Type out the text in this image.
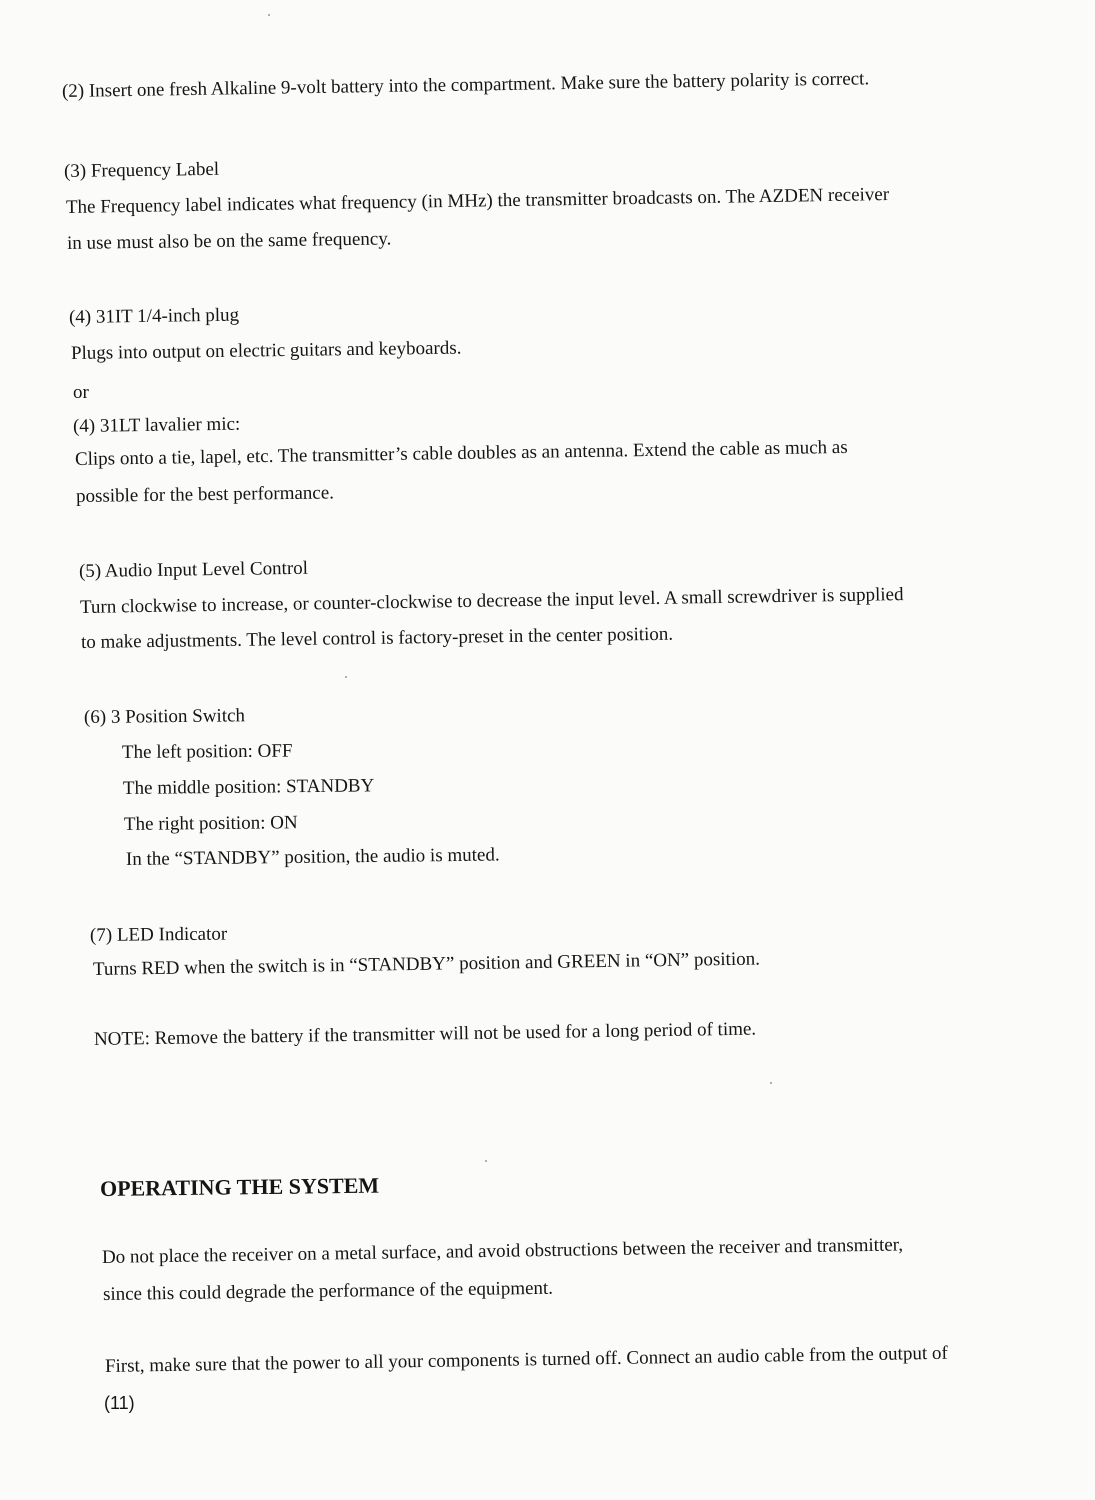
(2) Insert one fresh Alkaline 9-volt battery into the compartment. Make sure the battery polarity is correct.
(3) Frequency Label
The Frequency label indicates what frequency (in MHz) the transmitter broadcasts on. The AZDEN receiver
in use must also be on the same frequency.
(4) 31IT 1/4-inch plug
Plugs into output on electric guitars and keyboards.
or
(4) 31LT lavalier mic:
Clips onto a tie, lapel, etc. The transmitter’s cable doubles as an antenna. Extend the cable as much as
possible for the best performance.
(5) Audio Input Level Control
Turn clockwise to increase, or counter-clockwise to decrease the input level. A small screwdriver is supplied
to make adjustments. The level control is factory-preset in the center position.
(6) 3 Position Switch
The left position: OFF
The middle position: STANDBY
The right position: ON
In the “STANDBY” position, the audio is muted.
(7) LED Indicator
Turns RED when the switch is in “STANDBY” position and GREEN in “ON” position.
NOTE: Remove the battery if the transmitter will not be used for a long period of time.
OPERATING THE SYSTEM
Do not place the receiver on a metal surface, and avoid obstructions between the receiver and transmitter,
since this could degrade the performance of the equipment.
First, make sure that the power to all your components is turned off. Connect an audio cable from the output of
(11)
